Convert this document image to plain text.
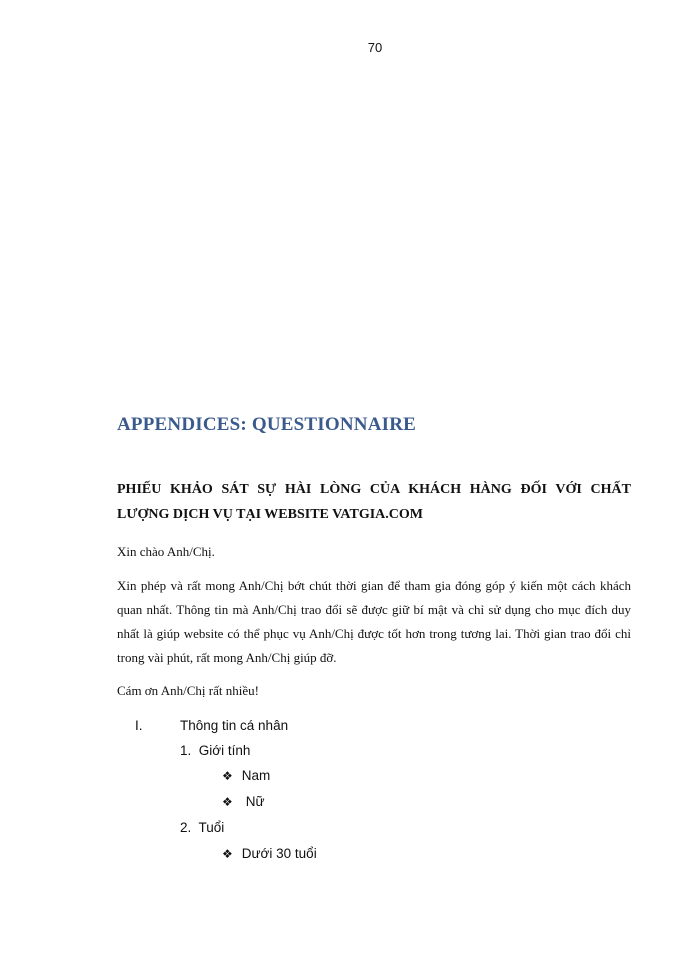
70
APPENDICES: QUESTIONNAIRE
PHIẾU KHẢO SÁT SỰ HÀI LÒNG CỦA KHÁCH HÀNG ĐỐI VỚI CHẤT
LƯỢNG DỊCH VỤ TẠI WEBSITE VATGIA.COM
Xin chào Anh/Chị.
Xin phép và rất mong Anh/Chị bớt chút thời gian để tham gia đóng góp ý kiến một cách khách quan nhất. Thông tin mà Anh/Chị trao đổi sẽ được giữ bí mật và chỉ sử dụng cho mục đích duy nhất là giúp website có thể phục vụ Anh/Chị được tốt hơn trong tương lai. Thời gian trao đổi chỉ trong vài phút, rất mong Anh/Chị giúp đỡ.
Cám ơn Anh/Chị rất nhiều!
I.	Thông tin cá nhân
1. Giới tính
❖ Nam
❖ Nữ
2. Tuổi
❖ Dưới 30 tuổi
